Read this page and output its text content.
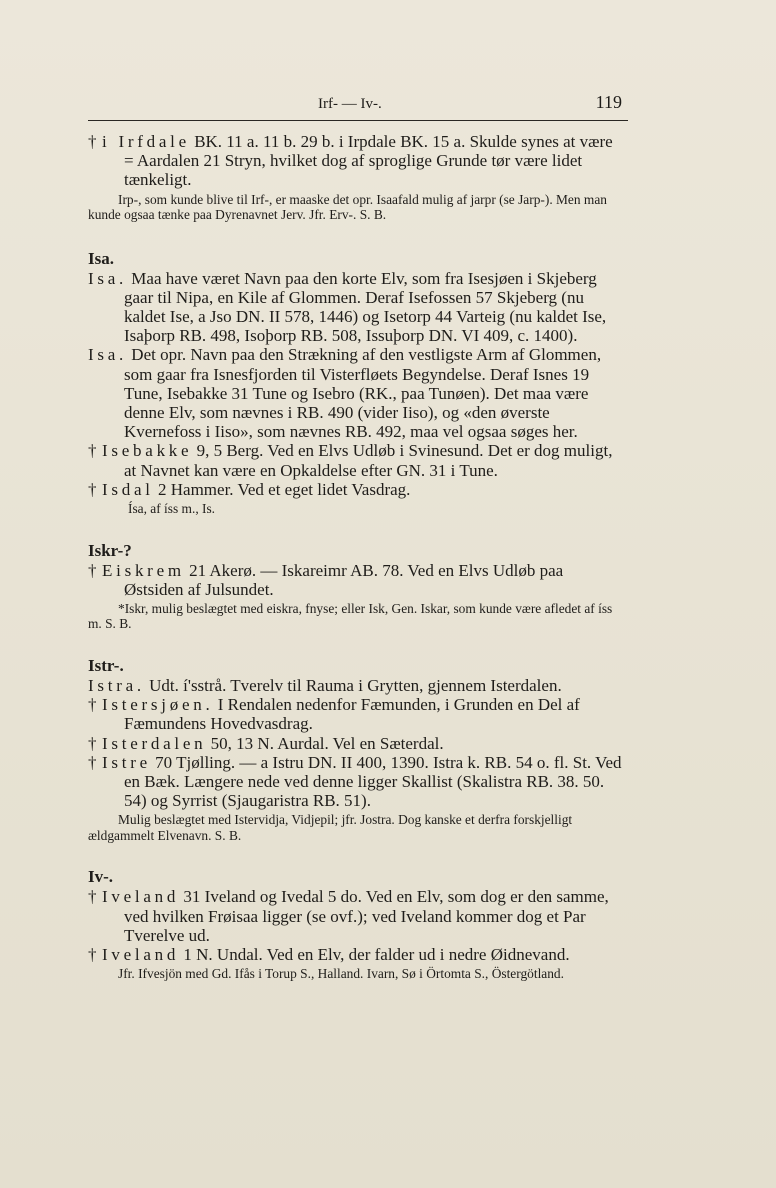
Irf- — Iv-.	119

† i Irfdale BK. 11 a. 11 b. 29 b. i Irpdale BK. 15 a. Skulde synes at være = Aardalen 21 Stryn, hvilket dog af sproglige Grunde tør være lidet tænkeligt.

Irp-, som kunde blive til Irf-, er maaske det opr. Isaafald mulig af jarpr (se Jarp-). Men man kunde ogsaa tænke paa Dyrenavnet Jerv. Jfr. Erv-. S. B.

Isa.

Isa. Maa have været Navn paa den korte Elv, som fra Isesjøen i Skjeberg gaar til Nipa, en Kile af Glommen. Deraf Isefossen 57 Skjeberg (nu kaldet Ise, a Jso DN. II 578, 1446) og Isetorp 44 Varteig (nu kaldet Ise, Isaþorp RB. 498, Isoþorp RB. 508, Issuþorp DN. VI 409, c. 1400).

Isa. Det opr. Navn paa den Strækning af den vestligste Arm af Glommen, som gaar fra Isnesfjorden til Visterfløets Begyndelse. Deraf Isnes 19 Tune, Isebakke 31 Tune og Isebro (RK., paa Tunøen). Det maa være denne Elv, som nævnes i RB. 490 (vider Iiso), og «den øverste Kvernefoss i Iiso», som nævnes RB. 492, maa vel ogsaa søges her.

† Isebakke 9, 5 Berg. Ved en Elvs Udløb i Svinesund. Det er dog muligt, at Navnet kan være en Opkaldelse efter GN. 31 i Tune.

† Isdal 2 Hammer. Ved et eget lidet Vasdrag.

Ísa, af íss m., Is.

Iskr-?

† Eiskrem 21 Akerø. — Iskareimr AB. 78. Ved en Elvs Udløb paa Østsiden af Julsundet.

*Iskr, mulig beslægtet med eiskra, fnyse; eller Isk, Gen. Iskar, som kunde være afledet af íss m. S. B.

Istr-.

Istra. Udt. í'sstrå. Tverelv til Rauma i Grytten, gjennem Isterdalen.

† Istersjøen. I Rendalen nedenfor Fæmunden, i Grunden en Del af Fæmundens Hovedvasdrag.

† Isterdalen 50, 13 N. Aurdal. Vel en Sæterdal.

† Istre 70 Tjølling. — a Istru DN. II 400, 1390. Istra k. RB. 54 o. fl. St. Ved en Bæk. Længere nede ved denne ligger Skallist (Skalistra RB. 38. 50. 54) og Syrrist (Sjaugaristra RB. 51).

Mulig beslægtet med Istervidja, Vidjepil; jfr. Jostra. Dog kanske et derfra forskjelligt ældgammelt Elvenavn. S. B.

Iv-.

† Iveland 31 Iveland og Ivedal 5 do. Ved en Elv, som dog er den samme, ved hvilken Frøisaa ligger (se ovf.); ved Iveland kommer dog et Par Tverelve ud.

† Iveland 1 N. Undal. Ved en Elv, der falder ud i nedre Øidnevand.

Jfr. Ifvesjön med Gd. Ifås i Torup S., Halland. Ivarn, Sø i Örtomta S., Östergötland.
